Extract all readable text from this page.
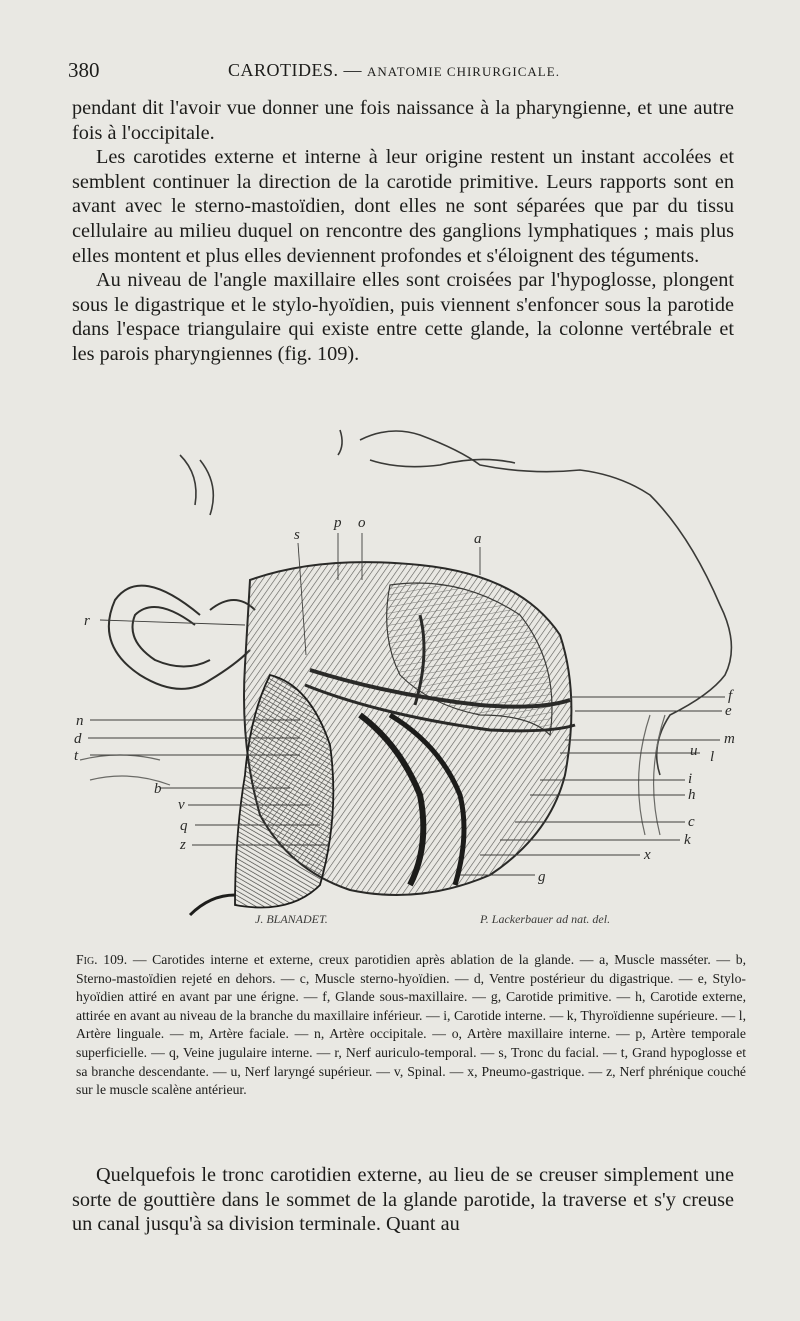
380	CAROTIDES. — ANATOMIE CHIRURGICALE.

pendant dit l'avoir vue donner une fois naissance à la pharyngienne, et une autre fois à l'occipitale.

Les carotides externe et interne à leur origine restent un instant accolées et semblent continuer la direction de la carotide primitive. Leurs rapports sont en avant avec le sterno-mastoïdien, dont elles ne sont séparées que par du tissu cellulaire au milieu duquel on rencontre des ganglions lymphatiques ; mais plus elles montent et plus elles deviennent profondes et s'éloignent des téguments.

Au niveau de l'angle maxillaire elles sont croisées par l'hypoglosse, plongent sous le digastrique et le stylo-hyoïdien, puis viennent s'enfoncer sous la parotide dans l'espace triangulaire qui existe entre cette glande, la colonne vertébrale et les parois pharyngiennes (fig. 109).

s
p o
a
r
n
d
t
b
v
q
z
f
e
m
u l
i
h
c
k
x
g
J. BLANADET.	P. Lackerbauer ad nat. del.

Fig. 109. — Carotides interne et externe, creux parotidien après ablation de la glande. — a, Muscle masséter. — b, Sterno-mastoïdien rejeté en dehors. — c, Muscle sterno-hyoïdien. — d, Ventre postérieur du digastrique. — e, Stylo-hyoïdien attiré en avant par une érigne. — f, Glande sous-maxillaire. — g, Carotide primitive. — h, Carotide externe, attirée en avant au niveau de la branche du maxillaire inférieur. — i, Carotide interne. — k, Thyroïdienne supérieure. — l, Artère linguale. — m, Artère faciale. — n, Artère occipitale. — o, Artère maxillaire interne. — p, Artère temporale superficielle. — q, Veine jugulaire interne. — r, Nerf auriculo-temporal. — s, Tronc du facial. — t, Grand hypoglosse et sa branche descendante. — u, Nerf laryngé supérieur. — v, Spinal. — x, Pneumo-gastrique. — z, Nerf phrénique couché sur le muscle scalène antérieur.

Quelquefois le tronc carotidien externe, au lieu de se creuser simplement une sorte de gouttière dans le sommet de la glande parotide, la traverse et s'y creuse un canal jusqu'à sa division terminale. Quant au
